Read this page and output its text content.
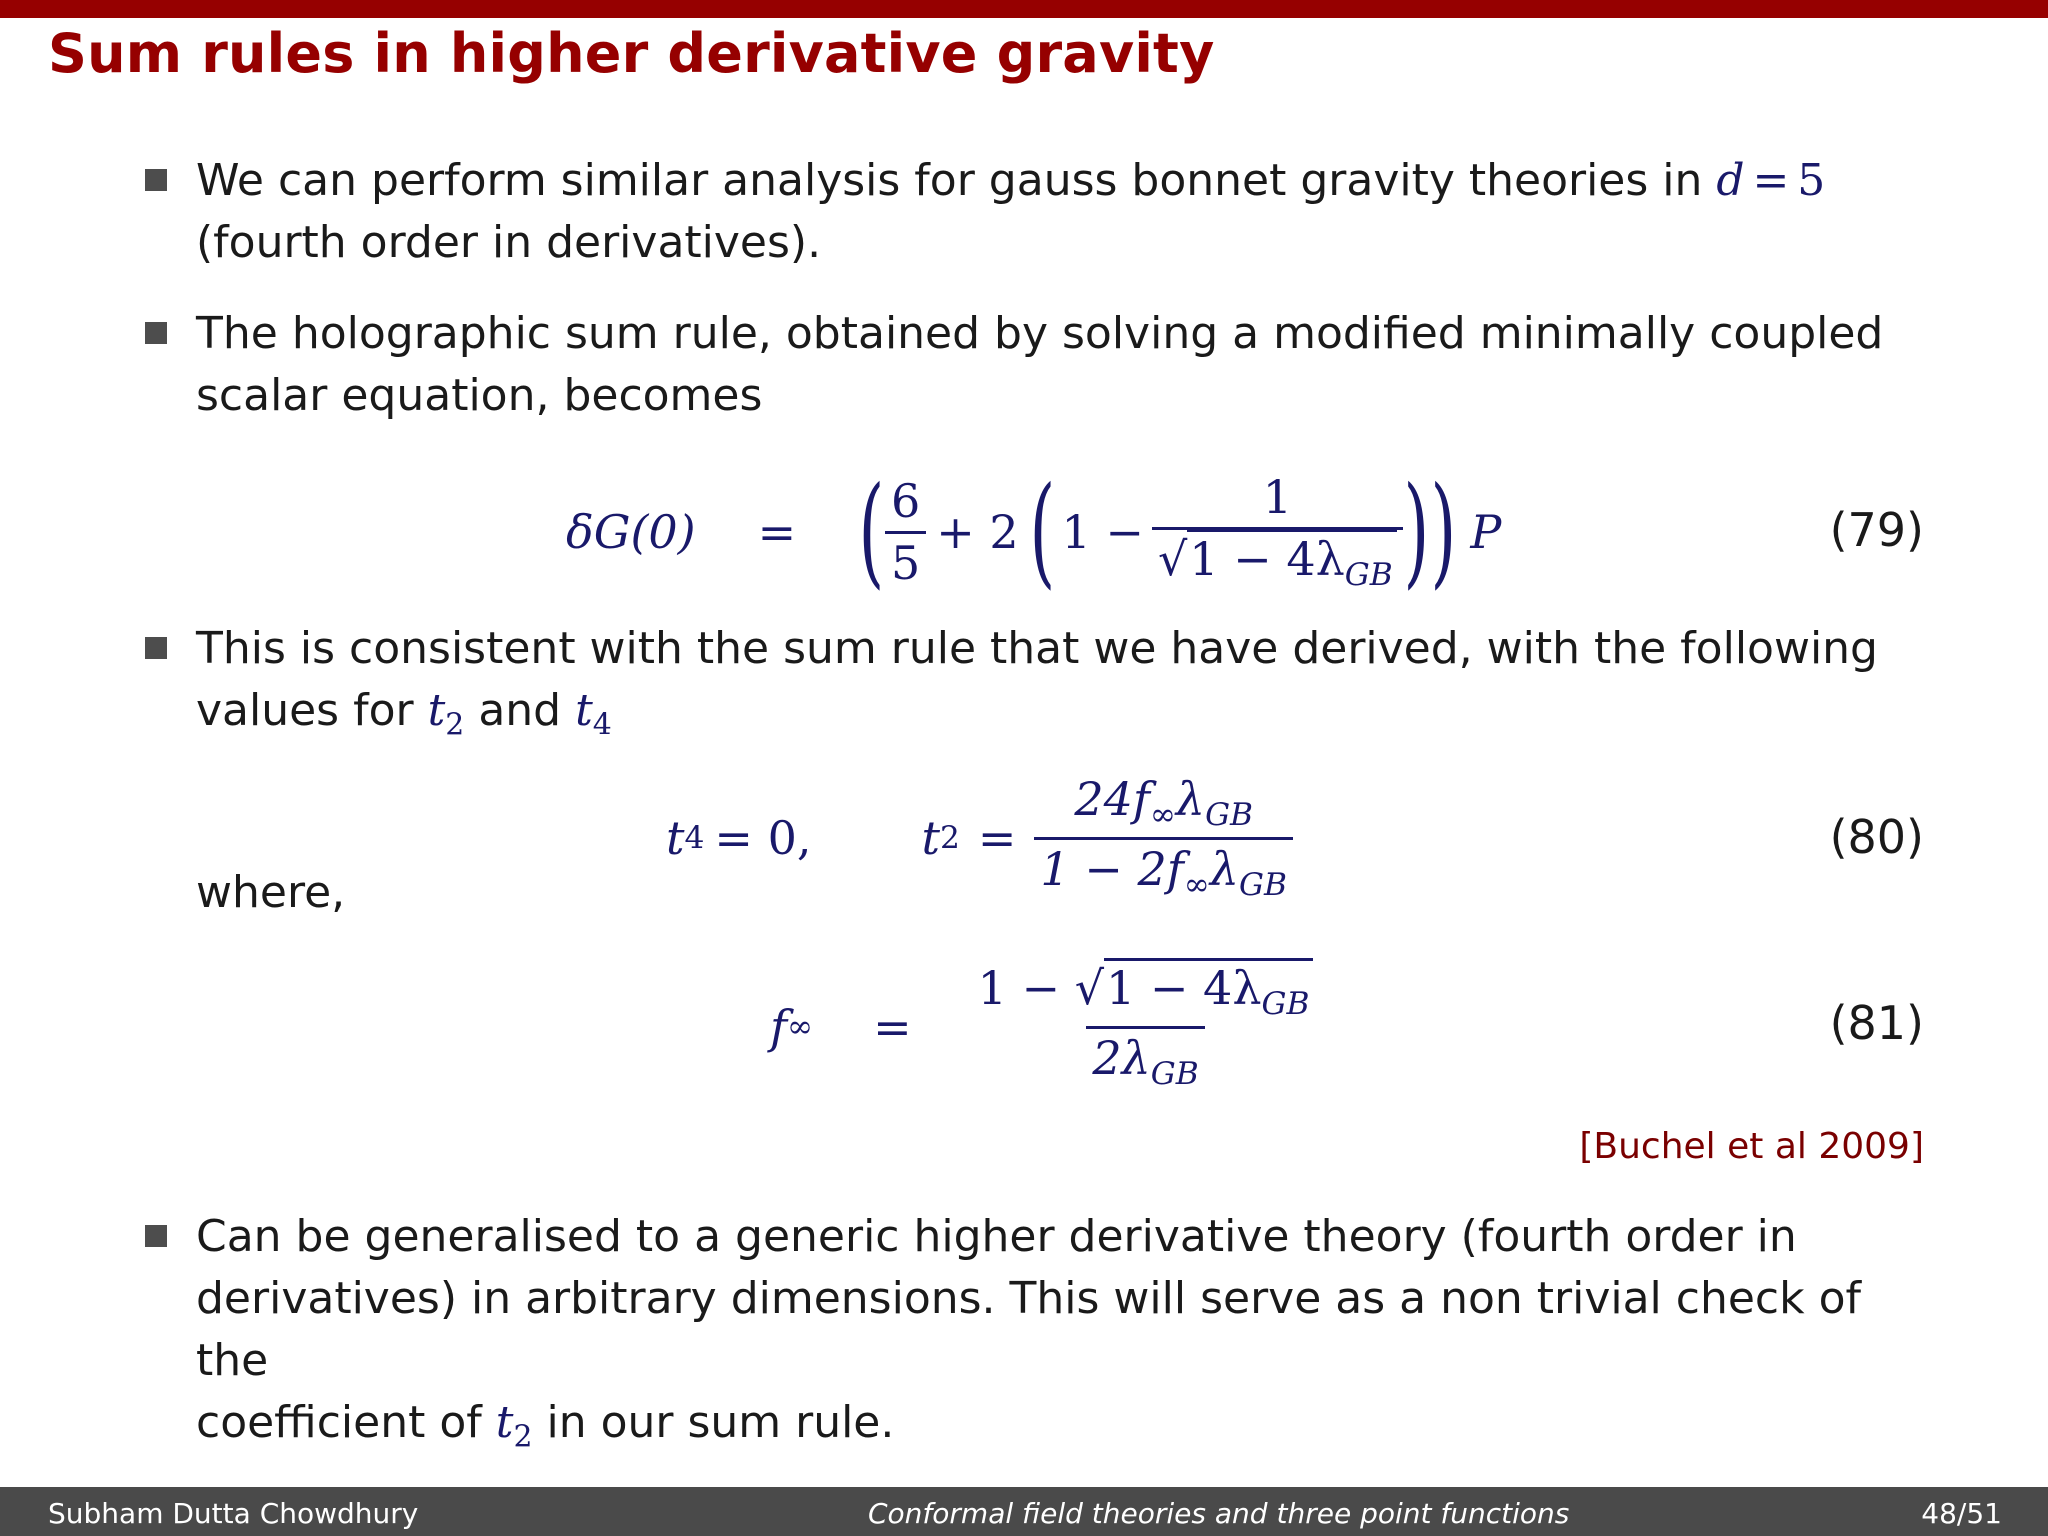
Sum rules in higher derivative gravity
We can perform similar analysis for gauss bonnet gravity theories in d = 5
(fourth order in derivatives).
The holographic sum rule, obtained by solving a modified minimally coupled
scalar equation, becomes
δG(0) = ( $\frac{6}{5} + 2$ ( $1 - \frac{1}{√1 - 4\lambda_{GB}}$ ) ) P	(79)
This is consistent with the sum rule that we have derived, with the following
values for $t_2$ and $t_4$
t 4 = 0, t $2 = \frac{24f_\infty\lambda_{GB}}{1 - 2f_\infty\lambda_{GB}}$	(80)
where,
f ∞ = $\frac{1 - √1 - 4\lambda_{GB}}{2\lambda_{GB}}$	(81)
[Buchel et al 2009]
Can be generalised to a generic higher derivative theory (fourth order in
derivatives) in arbitrary dimensions. This will serve as a non trivial check of the
coefficient of $t_2$ in our sum rule.
Subham Dutta Chowdhury	Conformal field theories and three point functions	48/51
